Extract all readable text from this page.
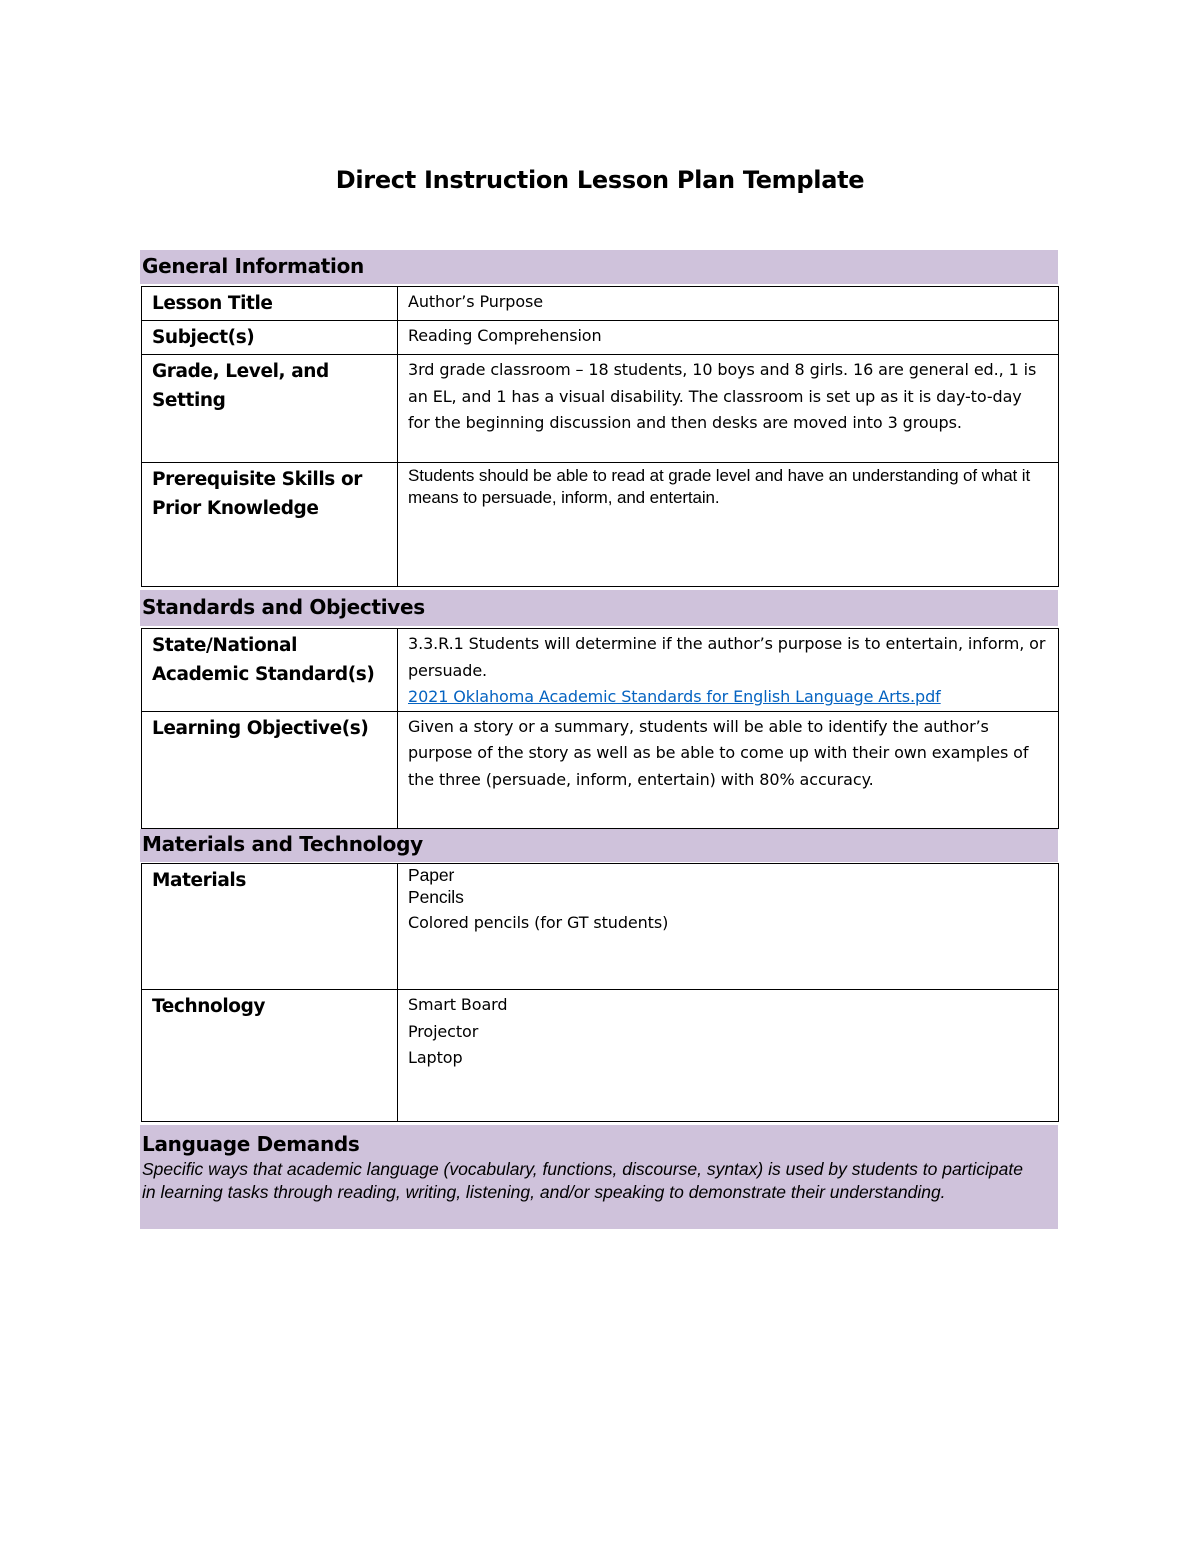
Direct Instruction Lesson Plan Template
General Information
Lesson Title	Author’s Purpose
Subject(s)	Reading Comprehension
Grade, Level, and Setting	3rd grade classroom – 18 students, 10 boys and 8 girls. 16 are general ed., 1 is an EL, and 1 has a visual disability. The classroom is set up as it is day-to-day for the beginning discussion and then desks are moved into 3 groups.
Prerequisite Skills or Prior Knowledge	Students should be able to read at grade level and have an understanding of what it means to persuade, inform, and entertain.
Standards and Objectives
State/National Academic Standard(s)	3.3.R.1 Students will determine if the author’s purpose is to entertain, inform, or persuade.
2021 Oklahoma Academic Standards for English Language Arts.pdf

Learning Objective(s)	Given a story or a summary, students will be able to identify the author’s purpose of the story as well as be able to come up with their own examples of the three (persuade, inform, entertain) with 80% accuracy.
Materials and Technology
Materials	Paper
Pencils
Colored pencils (for GT students)

Technology	Smart Board
Projector
Laptop
Language Demands
Specific ways that academic language (vocabulary, functions, discourse, syntax) is used by students to participate in learning tasks through reading, writing, listening, and/or speaking to demonstrate their understanding.
